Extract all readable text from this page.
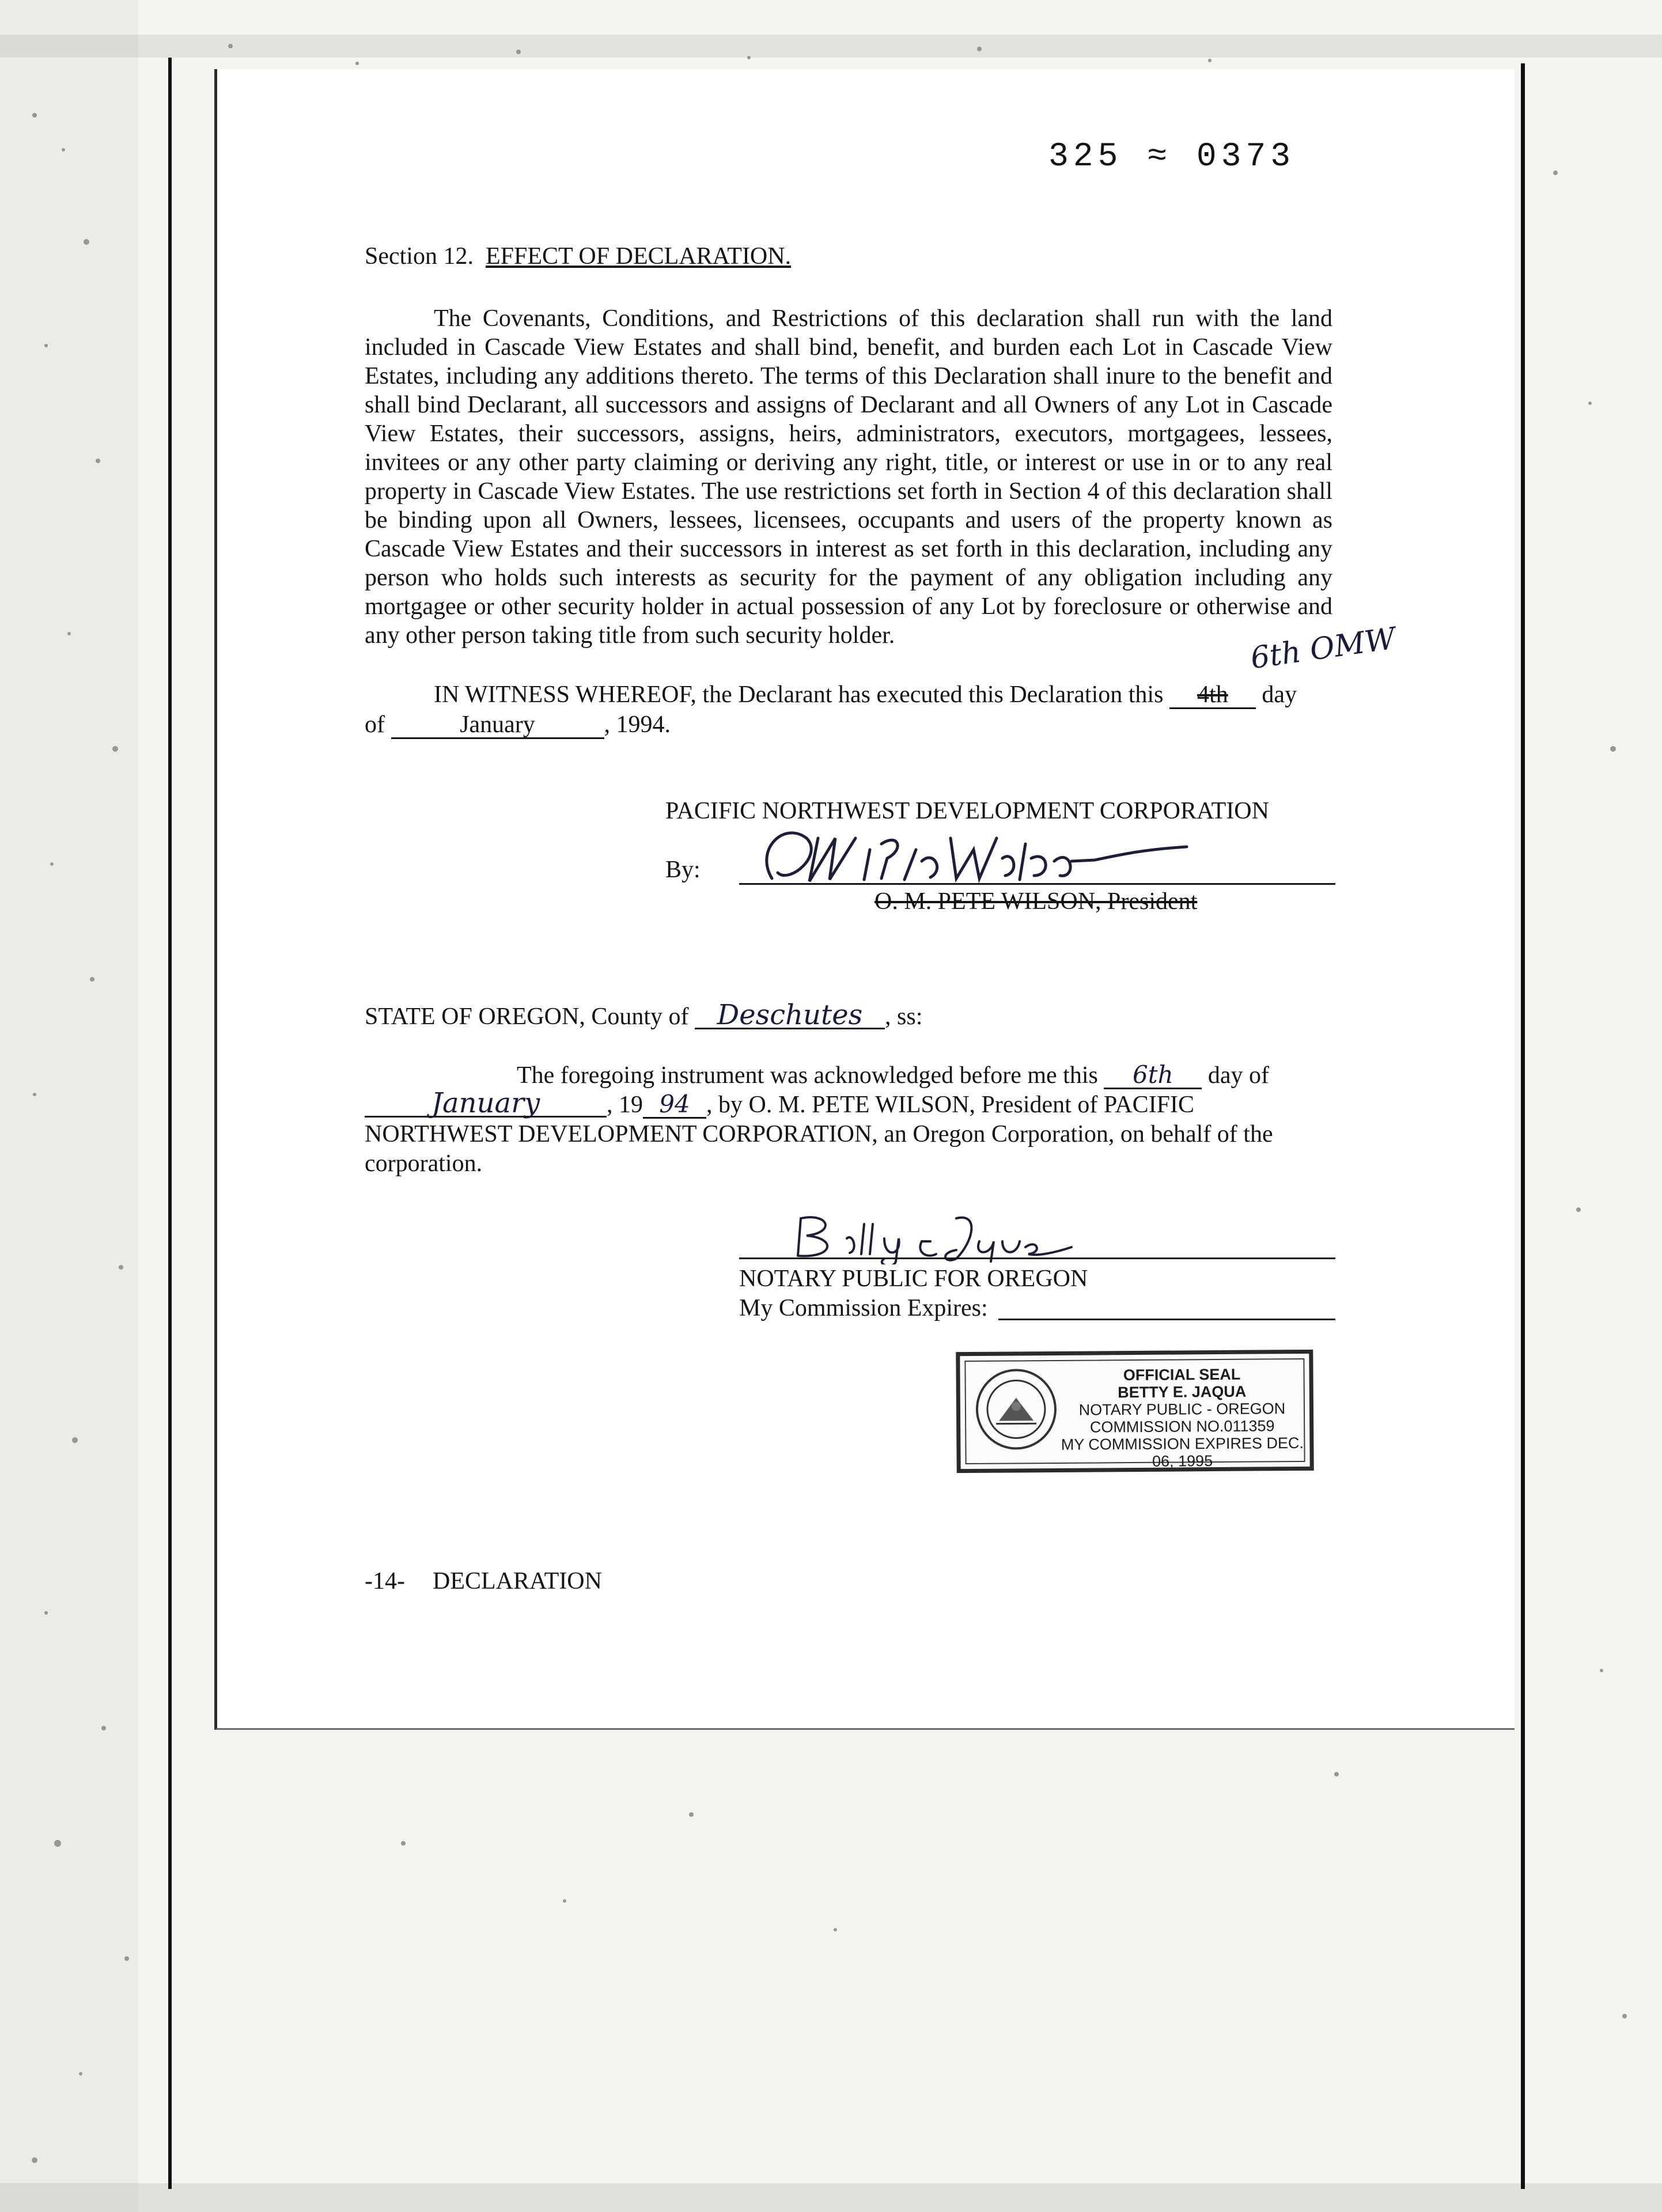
325 ≈ 0373
Section 12. EFFECT OF DECLARATION.
The Covenants, Conditions, and Restrictions of this declaration shall run with the land included in Cascade View Estates and shall bind, benefit, and burden each Lot in Cascade View Estates, including any additions thereto. The terms of this Declaration shall inure to the benefit and shall bind Declarant, all successors and assigns of Declarant and all Owners of any Lot in Cascade View Estates, their successors, assigns, heirs, administrators, executors, mortgagees, lessees, invitees or any other party claiming or deriving any right, title, or interest or use in or to any real property in Cascade View Estates. The use restrictions set forth in Section 4 of this declaration shall be binding upon all Owners, lessees, licensees, occupants and users of the property known as Cascade View Estates and their successors in interest as set forth in this declaration, including any person who holds such interests as security for the payment of any obligation including any mortgagee or other security holder in actual possession of any Lot by foreclosure or otherwise and any other person taking title from such security holder.	6th OMW
IN WITNESS WHEREOF, the Declarant has executed this Declaration this 4th day
of	January	, 1994.
PACIFIC NORTHWEST DEVELOPMENT CORPORATION
By:
O. M. PETE WILSON, President
STATE OF OREGON, County of Deschutes , ss:
The foregoing instrument was acknowledged before me this 6th day of
January	, 19 94 , by O. M. PETE WILSON, President of PACIFIC
NORTHWEST DEVELOPMENT CORPORATION, an Oregon Corporation, on behalf of the
corporation.
NOTARY PUBLIC FOR OREGON
My Commission Expires:
OFFICIAL SEAL
BETTY E. JAQUA
NOTARY PUBLIC - OREGON
COMMISSION NO.011359
MY COMMISSION EXPIRES DEC. 06, 1995
-14- DECLARATION
